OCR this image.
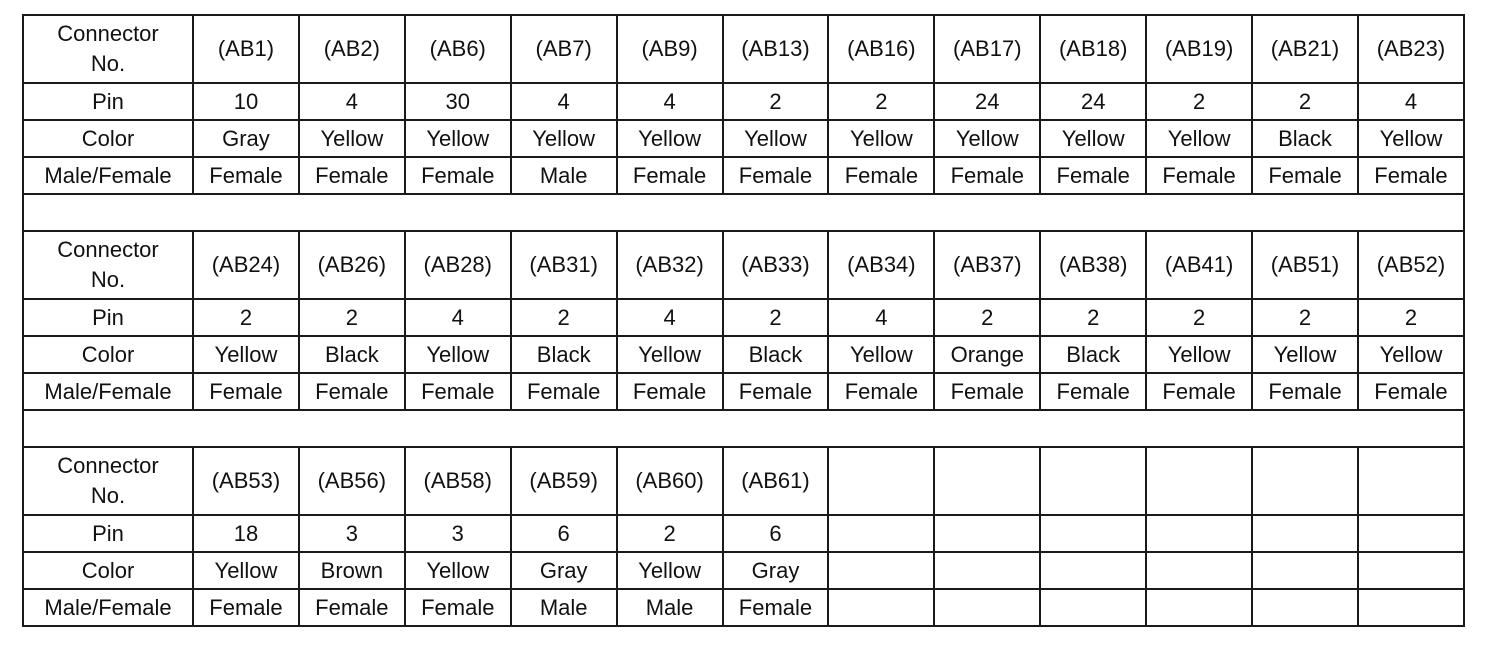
Connector
No.	(AB1)	(AB2)	(AB6)	(AB7)	(AB9)	(AB13)	(AB16)	(AB17)	(AB18)	(AB19)	(AB21)	(AB23)
Pin	10	4	30	4	4	2	2	24	24	2	2	4
Color	Gray	Yellow	Yellow	Yellow	Yellow	Yellow	Yellow	Yellow	Yellow	Yellow	Black	Yellow
Male/Female	Female	Female	Female	Male	Female	Female	Female	Female	Female	Female	Female	Female

Connector
No.	(AB24)	(AB26)	(AB28)	(AB31)	(AB32)	(AB33)	(AB34)	(AB37)	(AB38)	(AB41)	(AB51)	(AB52)
Pin	2	2	4	2	4	2	4	2	2	2	2	2
Color	Yellow	Black	Yellow	Black	Yellow	Black	Yellow	Orange	Black	Yellow	Yellow	Yellow
Male/Female	Female	Female	Female	Female	Female	Female	Female	Female	Female	Female	Female	Female

Connector
No.	(AB53)	(AB56)	(AB58)	(AB59)	(AB60)	(AB61)						
Pin	18	3	3	6	2	6						
Color	Yellow	Brown	Yellow	Gray	Yellow	Gray						
Male/Female	Female	Female	Female	Male	Male	Female						
